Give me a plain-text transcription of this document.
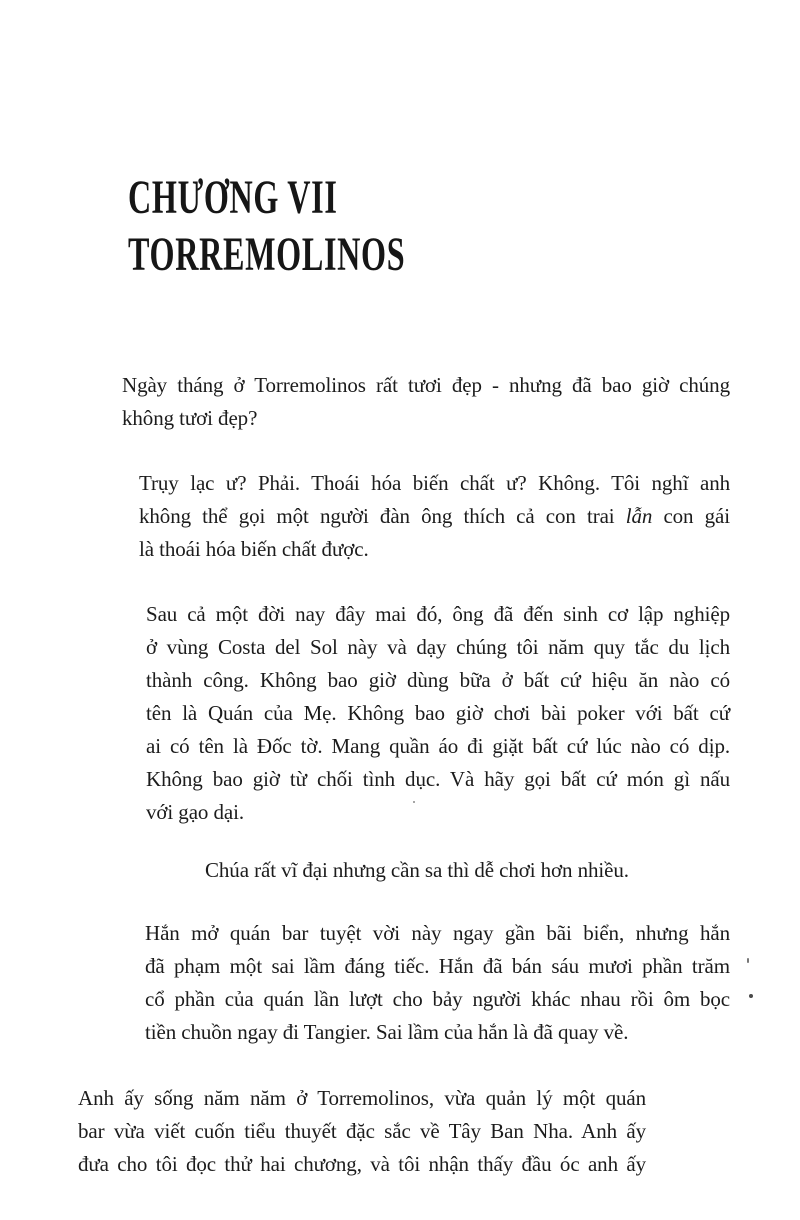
CHƯƠNG VII
TORREMOLINOS
Ngày tháng ở Torremolinos rất tươi đẹp - nhưng đã bao giờ chúng
không tươi đẹp?
Trụy lạc ư? Phải. Thoái hóa biến chất ư? Không. Tôi nghĩ anh
không thể gọi một người đàn ông thích cả con trai lẫn con gái
là thoái hóa biến chất được.
Sau cả một đời nay đây mai đó, ông đã đến sinh cơ lập nghiệp
ở vùng Costa del Sol này và dạy chúng tôi năm quy tắc du lịch
thành công. Không bao giờ dùng bữa ở bất cứ hiệu ăn nào có
tên là Quán của Mẹ. Không bao giờ chơi bài poker với bất cứ
ai có tên là Đốc tờ. Mang quần áo đi giặt bất cứ lúc nào có dịp.
Không bao giờ từ chối tình dục. Và hãy gọi bất cứ món gì nấu
với gạo dại.
Chúa rất vĩ đại nhưng cần sa thì dễ chơi hơn nhiều.
Hắn mở quán bar tuyệt vời này ngay gần bãi biển, nhưng hắn
đã phạm một sai lầm đáng tiếc. Hắn đã bán sáu mươi phần trăm
cổ phần của quán lần lượt cho bảy người khác nhau rồi ôm bọc
tiền chuồn ngay đi Tangier. Sai lầm của hắn là đã quay về.
Anh ấy sống năm năm ở Torremolinos, vừa quản lý một quán
bar vừa viết cuốn tiểu thuyết đặc sắc về Tây Ban Nha. Anh ấy
đưa cho tôi đọc thử hai chương, và tôi nhận thấy đầu óc anh ấy
